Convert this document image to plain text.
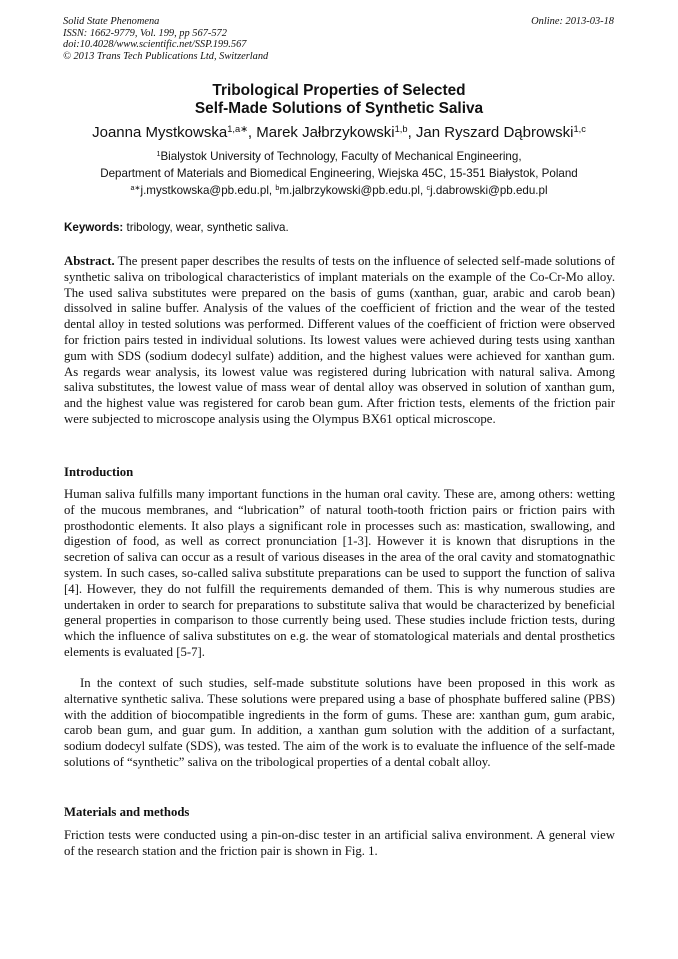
Solid State Phenomena
ISSN: 1662-9779, Vol. 199, pp 567-572
doi:10.4028/www.scientific.net/SSP.199.567
© 2013 Trans Tech Publications Ltd, Switzerland
Online: 2013-03-18
Tribological Properties of Selected
Self-Made Solutions of Synthetic Saliva
Joanna Mystkowska$^{1,a∗}$, Marek Jałbrzykowski$^{1,b}$, Jan Ryszard Dąbrowski$^{1,c}$
$^1$Bialystok University of Technology, Faculty of Mechanical Engineering,
Department of Materials and Biomedical Engineering, Wiejska 45C, 15-351 Białystok, Poland
$^{a∗}$j.mystkowska@pb.edu.pl, $^b$m.jalbrzykowski@pb.edu.pl, $^c$j.dabrowski@pb.edu.pl
Keywords: tribology, wear, synthetic saliva.
Abstract. The present paper describes the results of tests on the influence of selected self-made solutions of synthetic saliva on tribological characteristics of implant materials on the example of the Co-Cr-Mo alloy. The used saliva substitutes were prepared on the basis of gums (xanthan, guar, arabic and carob bean) dissolved in saline buffer. Analysis of the values of the coefficient of friction and the wear of the tested dental alloy in tested solutions was performed. Different values of the coefficient of friction were observed for friction pairs tested in individual solutions. Its lowest values were achieved during tests using xanthan gum with SDS (sodium dodecyl sulfate) addition, and the highest values were achieved for xanthan gum. As regards wear analysis, its lowest value was registered during lubrication with natural saliva. Among saliva substitutes, the lowest value of mass wear of dental alloy was observed in solution of xanthan gum, and the highest value was registered for carob bean gum. After friction tests, elements of the friction pair were subjected to microscope analysis using the Olympus BX61 optical microscope.
Introduction
Human saliva fulfills many important functions in the human oral cavity. These are, among others: wetting of the mucous membranes, and “lubrication” of natural tooth-tooth friction pairs or friction pairs with prosthodontic elements. It also plays a significant role in processes such as: mastication, swallowing, and digestion of food, as well as correct pronunciation [1-3]. However it is known that disruptions in the secretion of saliva can occur as a result of various diseases in the area of the oral cavity and stomatognathic system. In such cases, so-called saliva substitute preparations can be used to support the function of saliva [4]. However, they do not fulfill the requirements demanded of them. This is why numerous studies are undertaken in order to search for preparations to substitute saliva that would be characterized by beneficial general properties in comparison to those currently being used. These studies include friction tests, during which the influence of saliva substitutes on e.g. the wear of stomatological materials and dental prosthetics elements is evaluated [5-7].
In the context of such studies, self-made substitute solutions have been proposed in this work as alternative synthetic saliva. These solutions were prepared using a base of phosphate buffered saline (PBS) with the addition of biocompatible ingredients in the form of gums. These are: xanthan gum, gum arabic, carob bean gum, and guar gum. In addition, a xanthan gum solution with the addition of a surfactant, sodium dodecyl sulfate (SDS), was tested. The aim of the work is to evaluate the influence of the self-made solutions of “synthetic” saliva on the tribological properties of a dental cobalt alloy.
Materials and methods
Friction tests were conducted using a pin-on-disc tester in an artificial saliva environment. A general view of the research station and the friction pair is shown in Fig. 1.
